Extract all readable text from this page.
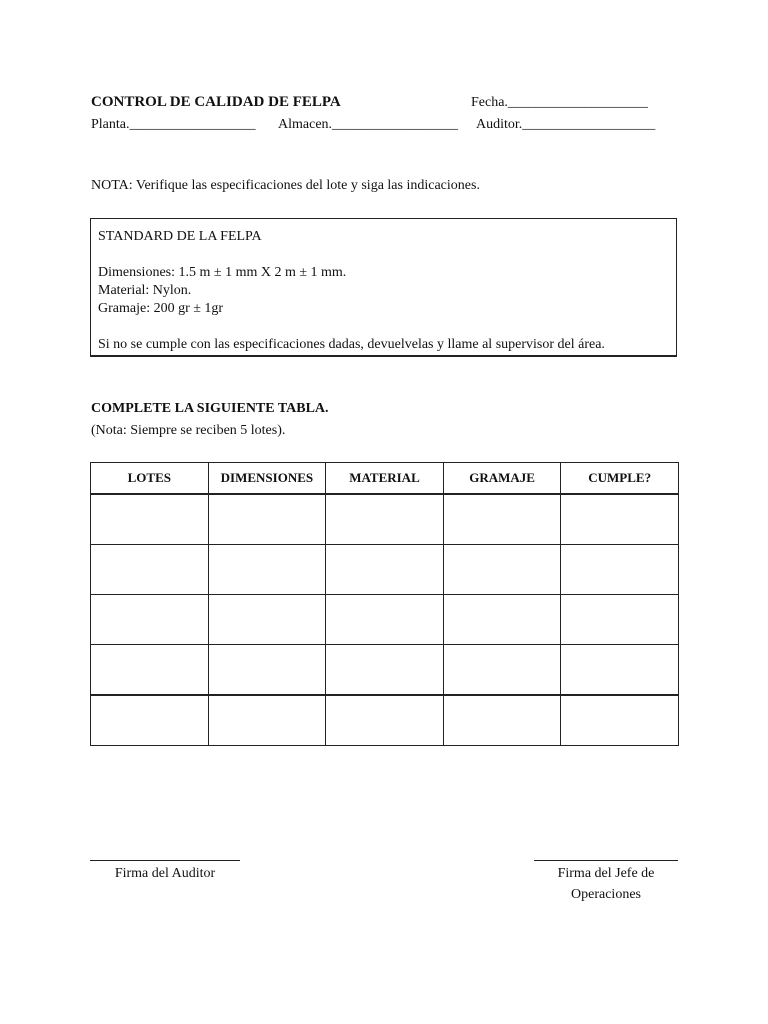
CONTROL DE CALIDAD DE FELPA	Fecha.____________________
Planta.__________________ Almacen.__________________ Auditor.___________________
NOTA: Verifique las especificaciones del lote y siga las indicaciones.
STANDARD DE LA FELPA
Dimensiones: 1.5 m ± 1 mm X 2 m ± 1 mm.
Material: Nylon.
Gramaje: 200 gr ± 1gr
Si no se cumple con las especificaciones dadas, devuelvelas y llame al supervisor del área.
COMPLETE LA SIGUIENTE TABLA.
(Nota: Siempre se reciben 5 lotes).
LOTES	DIMENSIONES	MATERIAL	GRAMAJE	CUMPLE?

Firma del Auditor	Firma del Jefe de Operaciones
